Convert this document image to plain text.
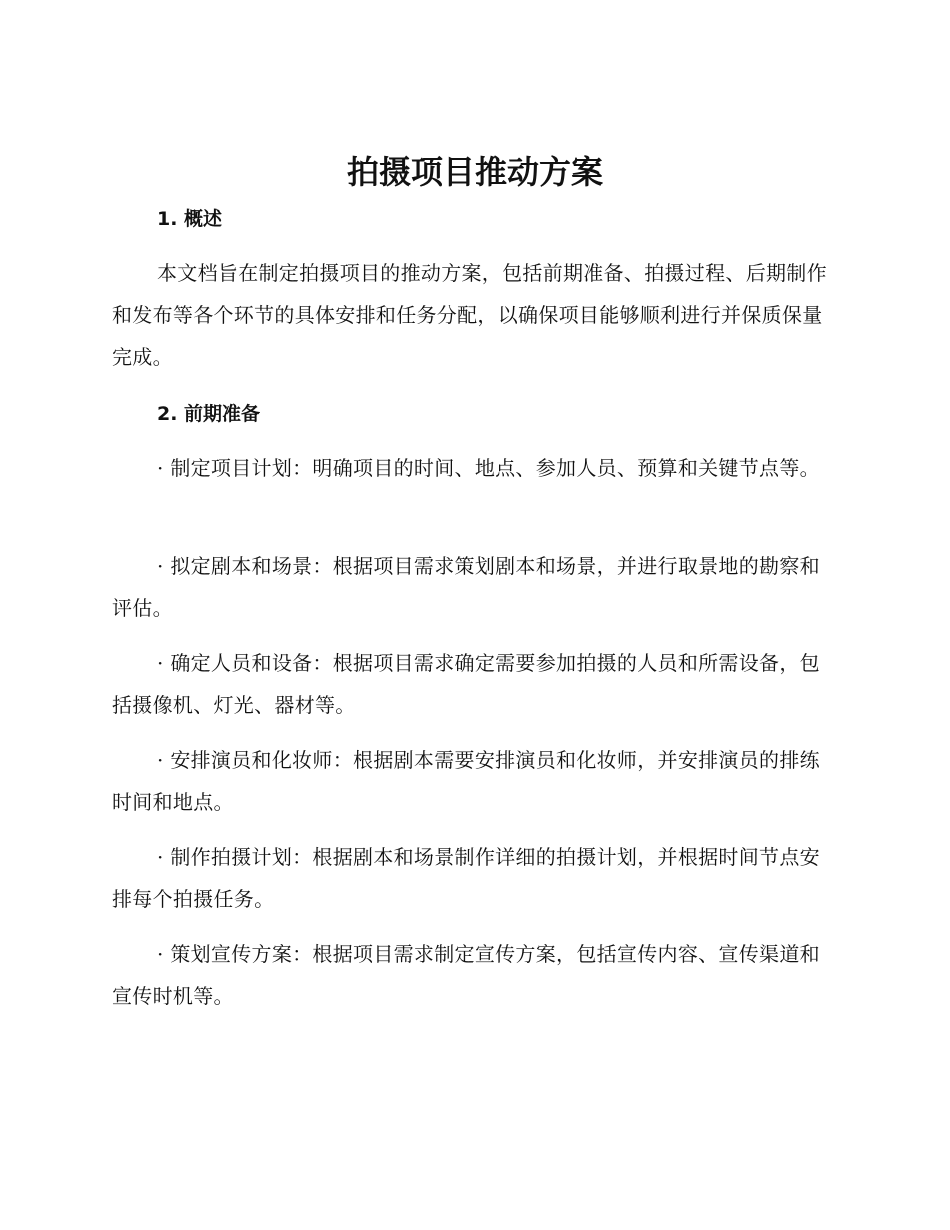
拍摄项目推动方案
1. 概述

本文档旨在制定拍摄项目的推动方案，包括前期准备、拍摄过程、后期制作和发布等各个环节的具体安排和任务分配，以确保项目能够顺利进行并保质保量完成。

2. 前期准备

· 制定项目计划：明确项目的时间、地点、参加人员、预算和关键节点等。

· 拟定剧本和场景：根据项目需求策划剧本和场景，并进行取景地的勘察和评估。

· 确定人员和设备：根据项目需求确定需要参加拍摄的人员和所需设备，包括摄像机、灯光、器材等。

· 安排演员和化妆师：根据剧本需要安排演员和化妆师，并安排演员的排练时间和地点。

· 制作拍摄计划：根据剧本和场景制作详细的拍摄计划，并根据时间节点安排每个拍摄任务。

· 策划宣传方案：根据项目需求制定宣传方案，包括宣传内容、宣传渠道和宣传时机等。
